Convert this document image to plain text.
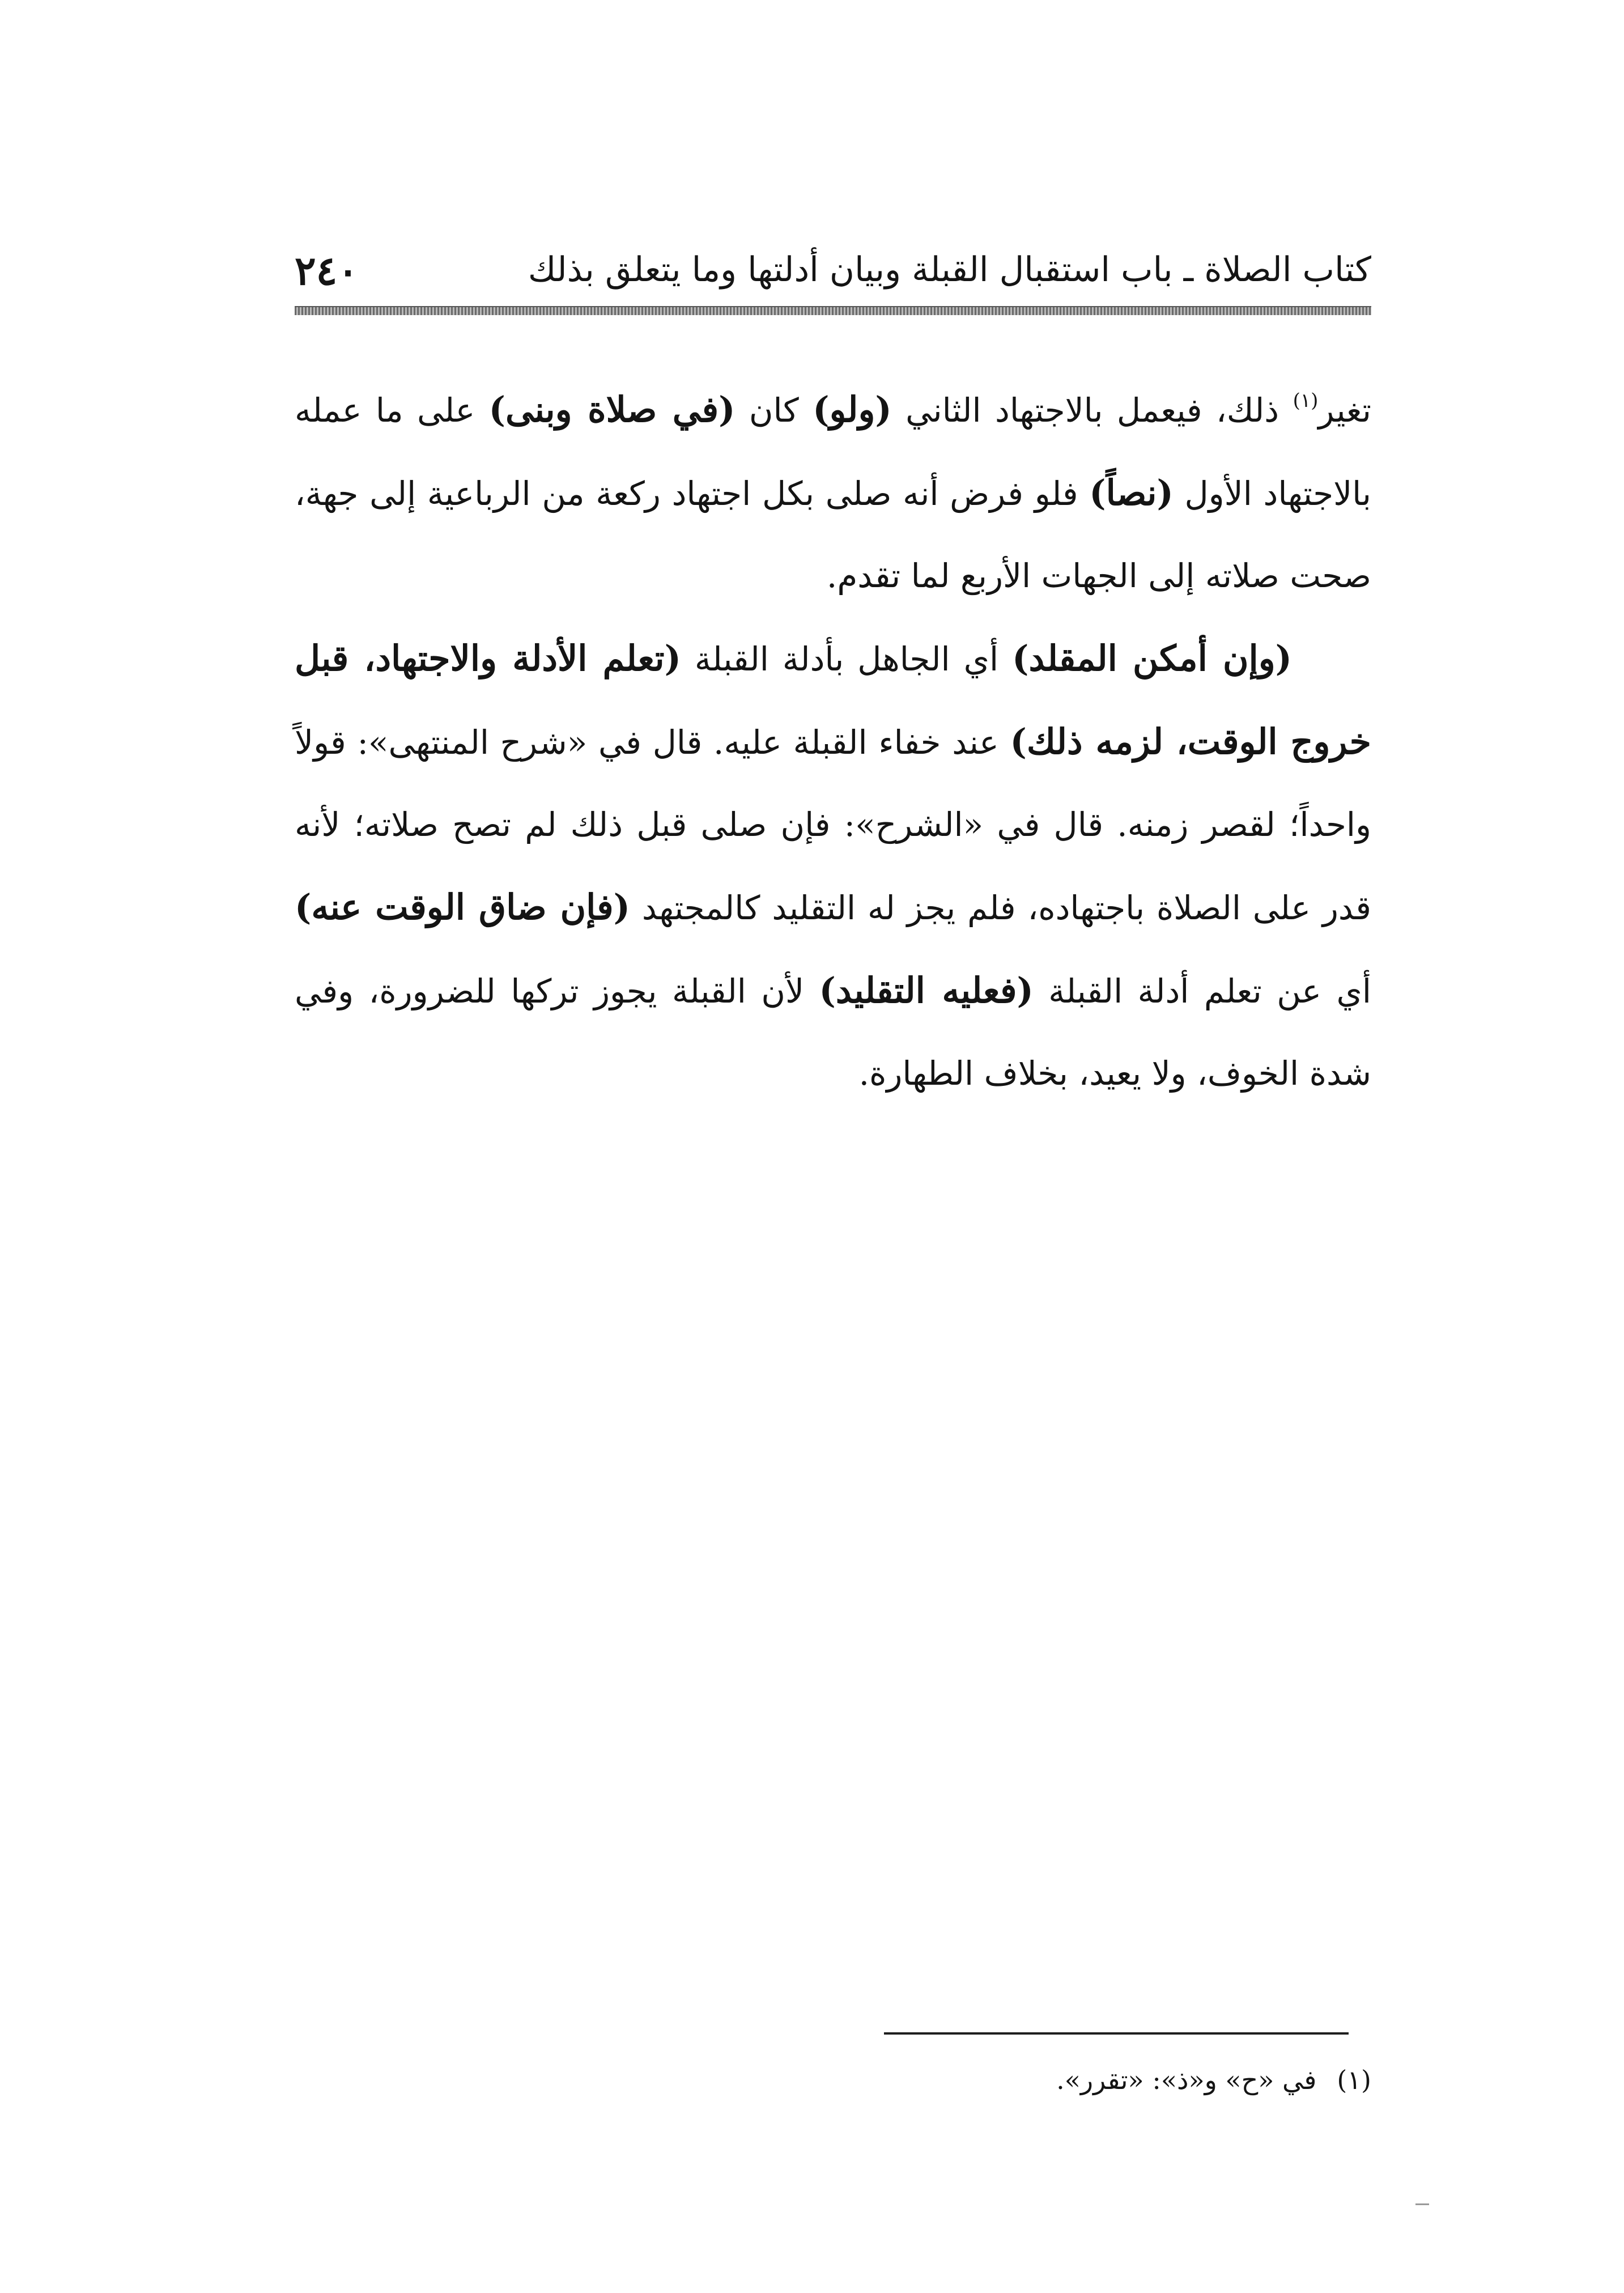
كتاب الصلاة ـ باب استقبال القبلة وبيان أدلتها وما يتعلق بذلك
٢٤٠

تغير$^{(١)}$ ذلك، فيعمل بالاجتهاد الثاني (ولو) كان (في صلاة وبنى) على ما عمله بالاجتهاد الأول (نصاً) فلو فرض أنه صلى بكل اجتهاد ركعة من الرباعية إلى جهة، صحت صلاته إلى الجهات الأربع لما تقدم.

(وإن أمكن المقلد) أي الجاهل بأدلة القبلة (تعلم الأدلة والاجتهاد، قبل خروج الوقت، لزمه ذلك) عند خفاء القبلة عليه. قال في «شرح المنتهى»: قولاً واحداً؛ لقصر زمنه. قال في «الشرح»: فإن صلى قبل ذلك لم تصح صلاته؛ لأنه قدر على الصلاة باجتهاده، فلم يجز له التقليد كالمجتهد (فإن ضاق الوقت عنه) أي عن تعلم أدلة القبلة (فعليه التقليد) لأن القبلة يجوز تركها للضرورة، وفي شدة الخوف، ولا يعيد، بخلاف الطهارة.

(١)في «ح» و«ذ»: «تقرر».
